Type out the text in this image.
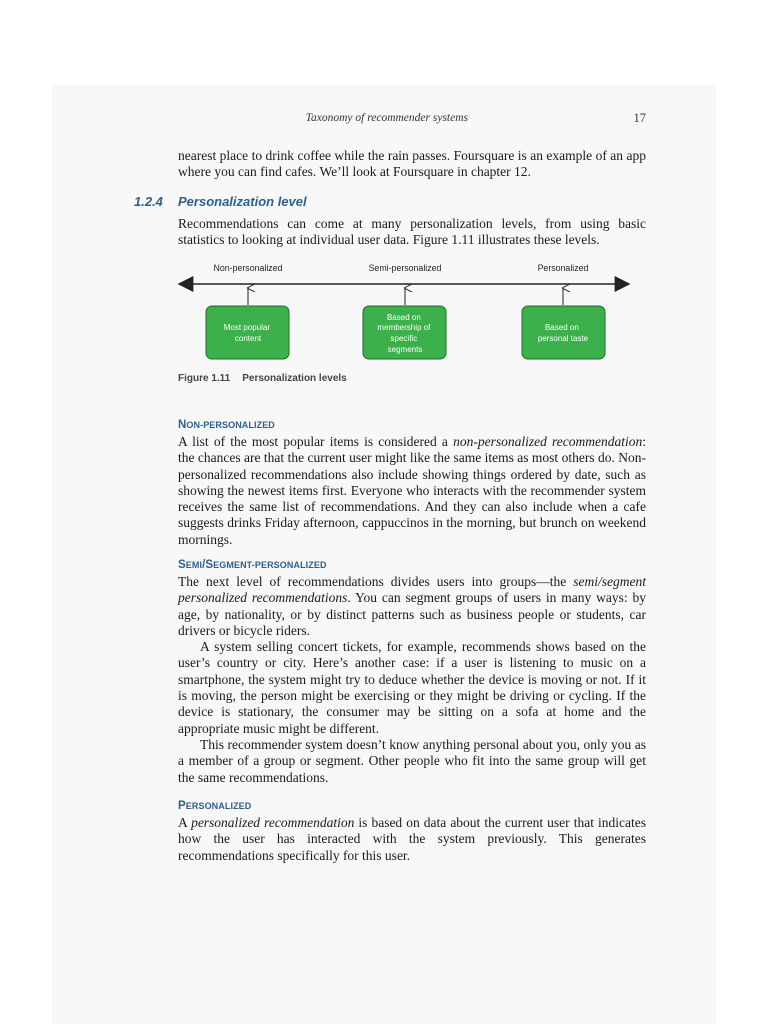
Taxonomy of recommender systems	17

nearest place to drink coffee while the rain passes. Foursquare is an example of an app where you can find cafes. We’ll look at Foursquare in chapter 12.

1.2.4 Personalization level

Recommendations can come at many personalization levels, from using basic statistics to looking at individual user data. Figure 1.11 illustrates these levels.

Non-personalized	Semi-personalized	Personalized
Most popular content
Based on membership of specific segments
Based on personal taste
Figure 1.11 Personalization levels
NON-PERSONALIZED

A list of the most popular items is considered a non-personalized recommendation: the chances are that the current user might like the same items as most others do. Non-personalized recommendations also include showing things ordered by date, such as showing the newest items first. Everyone who interacts with the recommender system receives the same list of recommendations. And they can also include when a cafe suggests drinks Friday afternoon, cappuccinos in the morning, but brunch on weekend mornings.

SEMI/SEGMENT-PERSONALIZED

The next level of recommendations divides users into groups—the semi/segment personalized recommendations. You can segment groups of users in many ways: by age, by nationality, or by distinct patterns such as business people or students, car drivers or bicycle riders.

A system selling concert tickets, for example, recommends shows based on the user’s country or city. Here’s another case: if a user is listening to music on a smartphone, the system might try to deduce whether the device is moving or not. If it is moving, the person might be exercising or they might be driving or cycling. If the device is stationary, the consumer may be sitting on a sofa at home and the appropriate music might be different.

This recommender system doesn’t know anything personal about you, only you as a member of a group or segment. Other people who fit into the same group will get the same recommendations.

PERSONALIZED

A personalized recommendation is based on data about the current user that indicates how the user has interacted with the system previously. This generates recommendations specifically for this user.
